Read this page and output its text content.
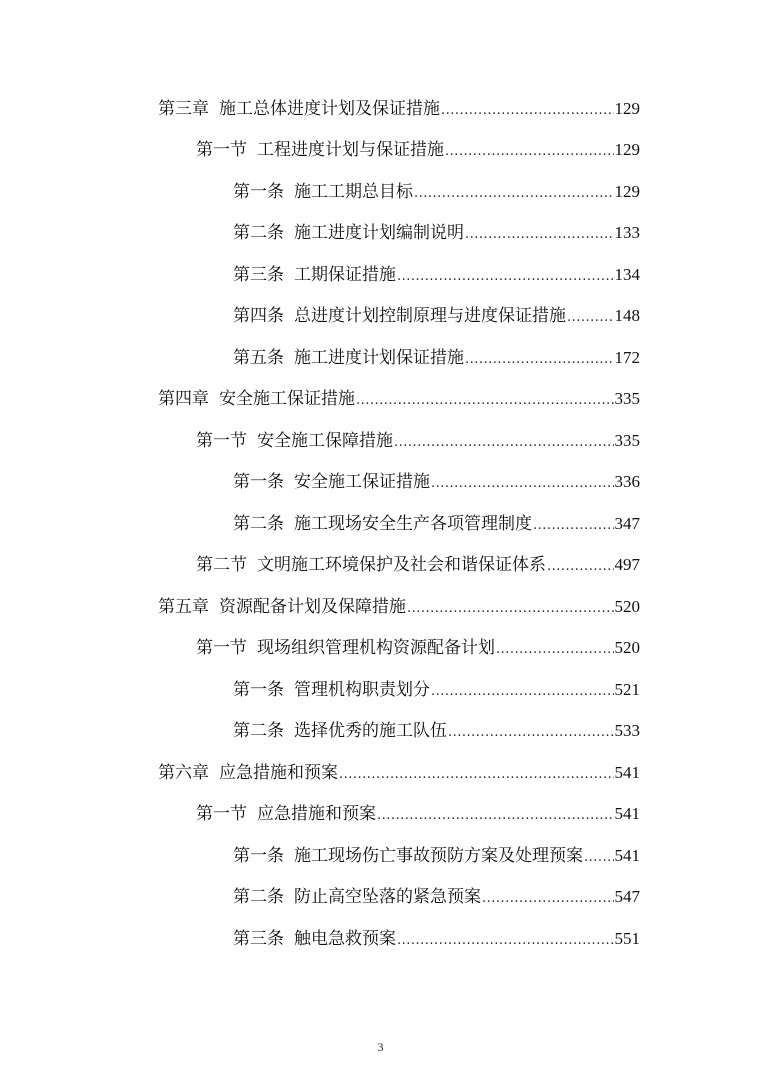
第三章 施工总体进度计划及保证措施 .....	129
第一节 工程进度计划与保证措施 .....	129
第一条 施工工期总目标 .....	129
第二条 施工进度计划编制说明 .....	133
第三条 工期保证措施 .....	134
第四条 总进度计划控制原理与进度保证措施 .....	148
第五条 施工进度计划保证措施 .....	172
第四章 安全施工保证措施 .....	335
第一节 安全施工保障措施 .....	335
第一条 安全施工保证措施 .....	336
第二条 施工现场安全生产各项管理制度 .....	347
第二节 文明施工环境保护及社会和谐保证体系 .....	497
第五章 资源配备计划及保障措施 .....	520
第一节 现场组织管理机构资源配备计划 .....	520
第一条 管理机构职责划分 .....	521
第二条 选择优秀的施工队伍 .....	533
第六章 应急措施和预案 .....	541
第一节 应急措施和预案 .....	541
第一条 施工现场伤亡事故预防方案及处理预案 ..... 541
第二条 防止高空坠落的紧急预案 .....	547
第三条 触电急救预案 .....	551
3
